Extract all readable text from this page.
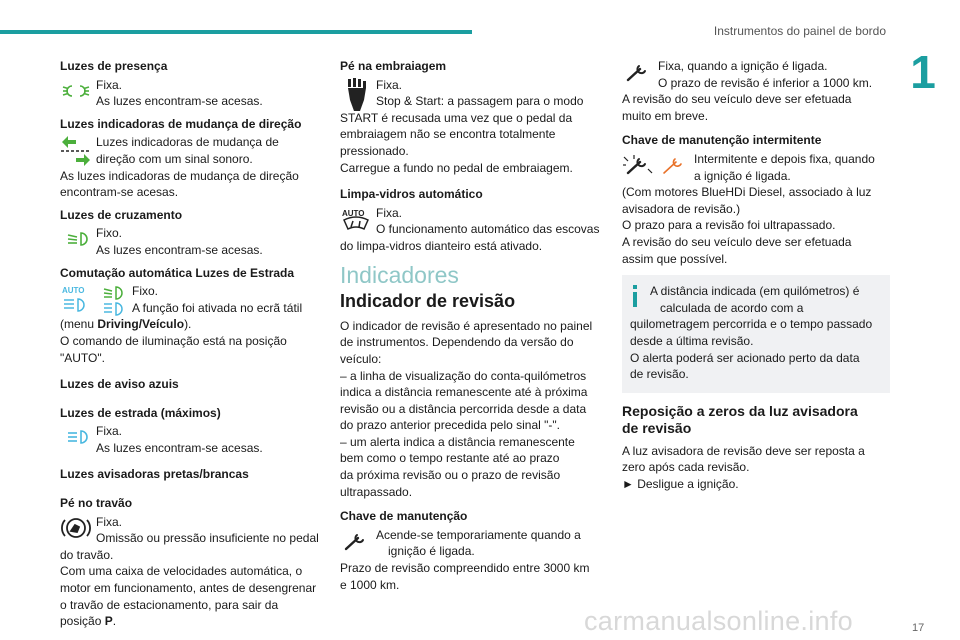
Instrumentos do painel de bordo
1
17
carmanualsonline.info
Luzes de presença

Fixa.

As luzes encontram-se acesas.

Luzes indicadoras de mudança de direção

Luzes indicadoras de mudança de

direção com um sinal sonoro.

As luzes indicadoras de mudança de direção

encontram-se acesas.

Luzes de cruzamento

Fixo.

As luzes encontram-se acesas.

Comutação automática Luzes de Estrada
AUTO	Fixo.

A função foi ativada no ecrã tátil

(menu Driving/Veículo).

O comando de iluminação está na posição

"AUTO".

Luzes de aviso azuis
Luzes de estrada (máximos)

Fixa.

As luzes encontram-se acesas.

Luzes avisadoras pretas/brancas
Pé no travão

Fixa.

Omissão ou pressão insuficiente no pedal

do travão.

Com uma caixa de velocidades automática, o

motor em funcionamento, antes de desengrenar

o travão de estacionamento, para sair da

posição P.

Pé na embraiagem

Fixa.

Stop & Start: a passagem para o modo

START é recusada uma vez que o pedal da

embraiagem não se encontra totalmente

pressionado.

Carregue a fundo no pedal de embraiagem.

Limpa-vidros automático
AUTO Fixa.

O funcionamento automático das escovas

do limpa-vidros dianteiro está ativado.

Indicadores
Indicador de revisão

O indicador de revisão é apresentado no painel

de instrumentos. Dependendo da versão do

veículo:

– a linha de visualização do conta-quilómetros

indica a distância remanescente até à próxima

revisão ou a distância percorrida desde a data

do prazo anterior precedida pelo sinal "-".

– um alerta indica a distância remanescente

bem como o tempo restante até ao prazo

da próxima revisão ou o prazo de revisão

ultrapassado.

Chave de manutenção

Acende-se temporariamente quando a

ignição é ligada.

Prazo de revisão compreendido entre 3000 km

e 1000 km.

Fixa, quando a ignição é ligada.

O prazo de revisão é inferior a 1000 km.

A revisão do seu veículo deve ser efetuada

muito em breve.

Chave de manutenção intermitente

Intermitente e depois fixa, quando

a ignição é ligada.

(Com motores BlueHDi Diesel, associado à luz

avisadora de revisão.)

O prazo para a revisão foi ultrapassado.

A revisão do seu veículo deve ser efetuada

assim que possível.

A distância indicada (em quilómetros) é

calculada de acordo com a

quilometragem percorrida e o tempo passado

desde a última revisão.

O alerta poderá ser acionado perto da data

de revisão.

Reposição a zeros da luz avisadora
de revisão

A luz avisadora de revisão deve ser reposta a

zero após cada revisão.

► Desligue a ignição.
